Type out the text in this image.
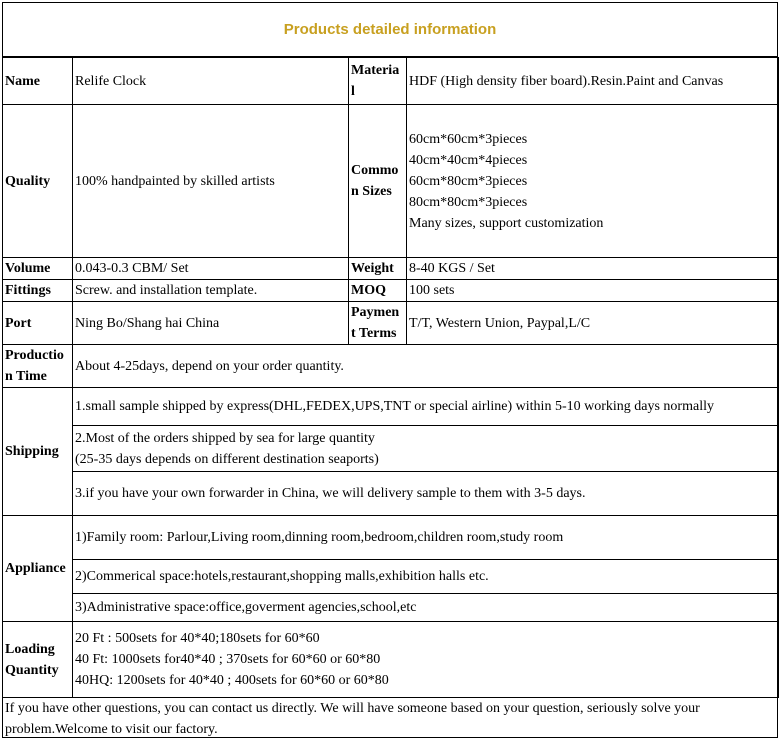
Products detailed information
Name	Relife Clock	Materia l	HDF (High density fiber board).Resin.Paint and Canvas
Quality	100% handpainted by skilled artists	Commo n Sizes	60cm*60cm*3pieces
40cm*40cm*4pieces
60cm*80cm*3pieces
80cm*80cm*3pieces
Many sizes, support customization

Volume	0.043-0.3 CBM/ Set	Weight	8-40 KGS / Set
Fittings	Screw. and installation template.	MOQ	100 sets
Port	Ning Bo/Shang hai China	Paymen t Terms	T/T, Western Union, Paypal,L/C
Productio n Time	About 4-25days, depend on your order quantity.		
Shipping	1.small sample shipped by express(DHL,FEDEX,UPS,TNT or special airline) within 5-10 working days normally		

	2.Most of the orders shipped by sea for large quantity
(25-35 days depends on different destination seaports)		

	3.if you have your own forwarder in China, we will delivery sample to them with 3-5 days.		
Appliance	1)Family room: Parlour,Living room,dinning room,bedroom,children room,study room		
	2)Commerical space:hotels,restaurant,shopping malls,exhibition halls etc.		
	3)Administrative space:office,goverment agencies,school,etc		
Loading Quantity	20 Ft : 500sets for 40*40;180sets for 60*60
40 Ft: 1000sets for40*40 ; 370sets for 60*60 or 60*80
40HQ: 1200sets for 40*40 ; 400sets for 60*60 or 60*80		
If you have other questions, you can contact us directly. We will have someone based on your question, seriously solve your problem.Welcome to visit our factory.
